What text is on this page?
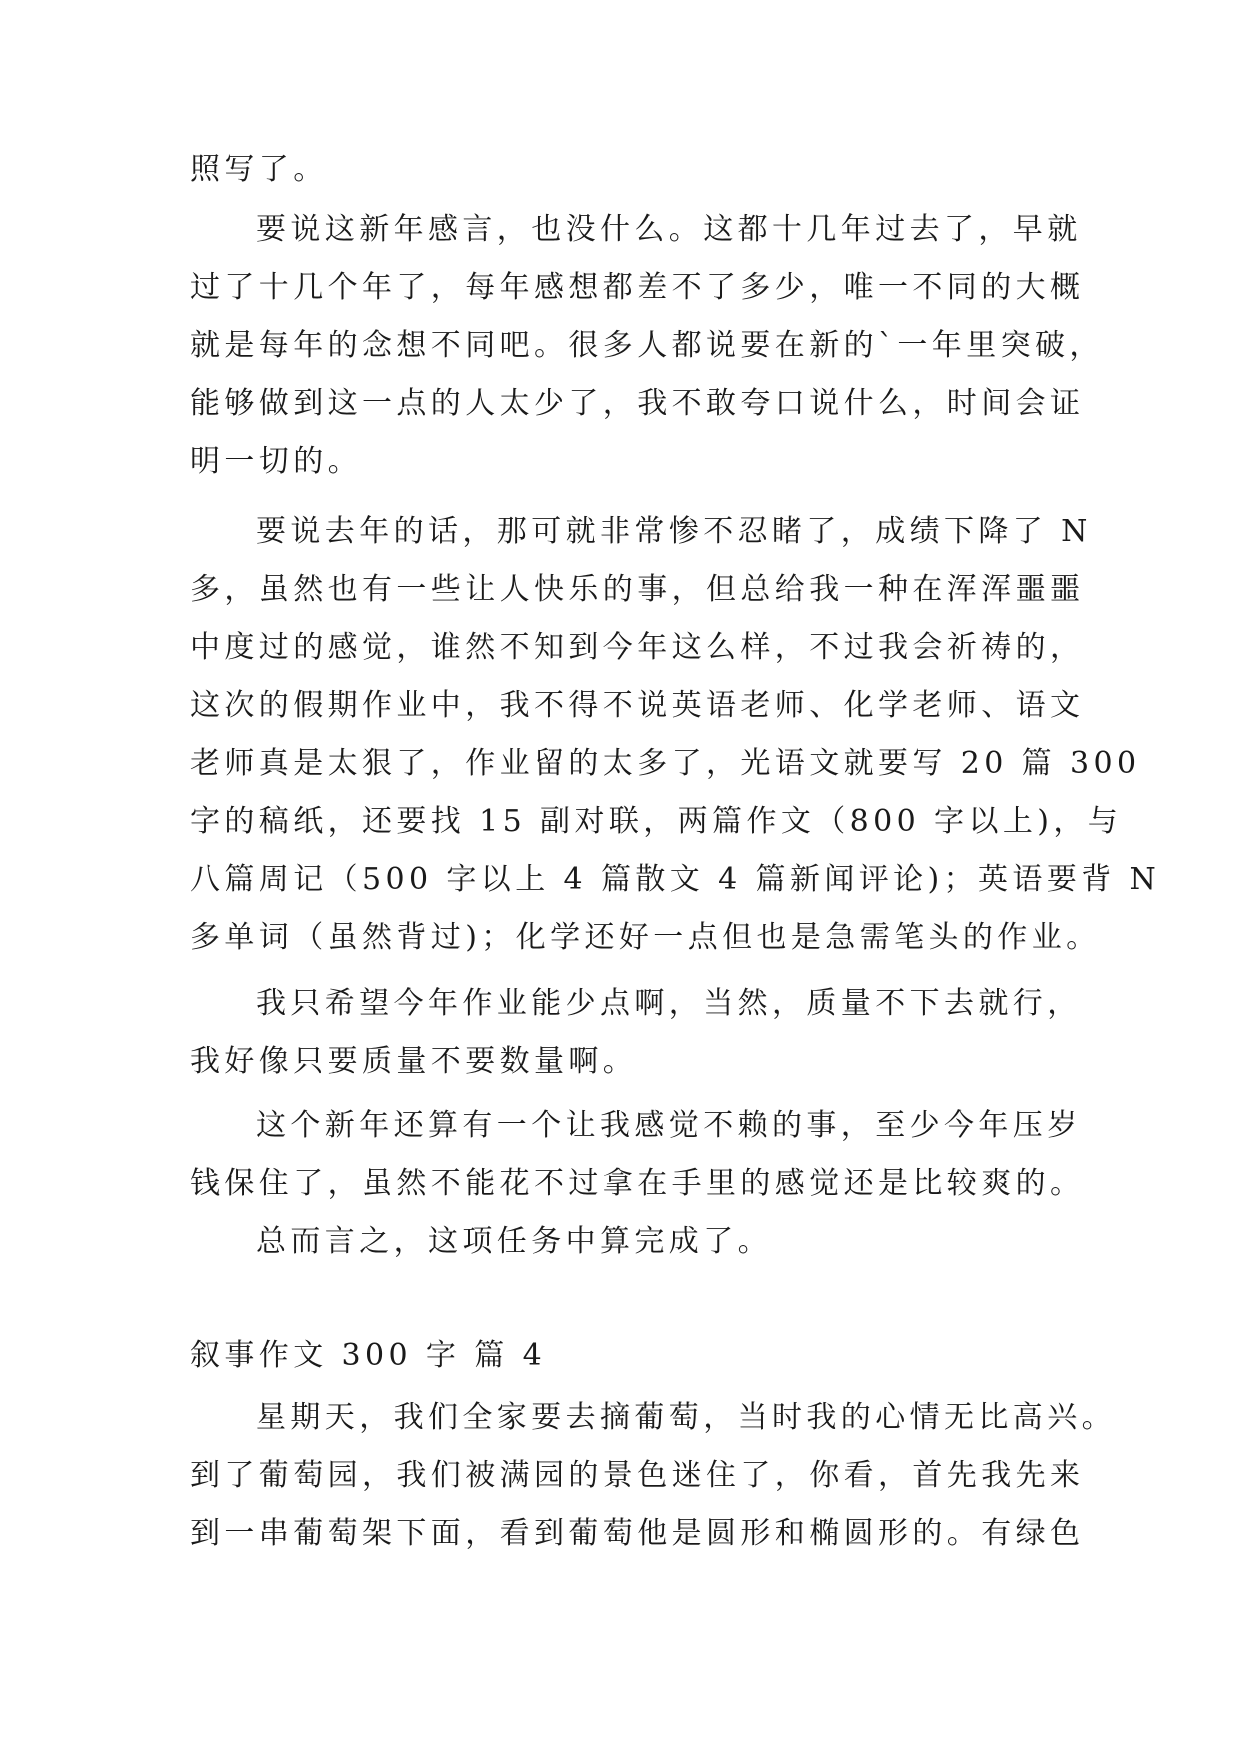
照写了。
要说这新年感言，也没什么。这都十几年过去了，早就
过了十几个年了，每年感想都差不了多少，唯一不同的大概
就是每年的念想不同吧。很多人都说要在新的`一年里突破，
能够做到这一点的人太少了，我不敢夸口说什么，时间会证
明一切的。
要说去年的话，那可就非常惨不忍睹了，成绩下降了 N
多，虽然也有一些让人快乐的事，但总给我一种在浑浑噩噩
中度过的感觉，谁然不知到今年这么样，不过我会祈祷的，
这次的假期作业中，我不得不说英语老师、化学老师、语文
老师真是太狠了，作业留的太多了，光语文就要写 20 篇 300
字的稿纸，还要找 15 副对联，两篇作文（800 字以上)，与
八篇周记（500 字以上 4 篇散文 4 篇新闻评论)；英语要背 N
多单词（虽然背过)；化学还好一点但也是急需笔头的作业。
我只希望今年作业能少点啊，当然，质量不下去就行，
我好像只要质量不要数量啊。
这个新年还算有一个让我感觉不赖的事，至少今年压岁
钱保住了，虽然不能花不过拿在手里的感觉还是比较爽的。
总而言之，这项任务中算完成了。
叙事作文 300 字 篇 4
星期天，我们全家要去摘葡萄，当时我的心情无比高兴。
到了葡萄园，我们被满园的景色迷住了，你看，首先我先来
到一串葡萄架下面，看到葡萄他是圆形和椭圆形的。有绿色
